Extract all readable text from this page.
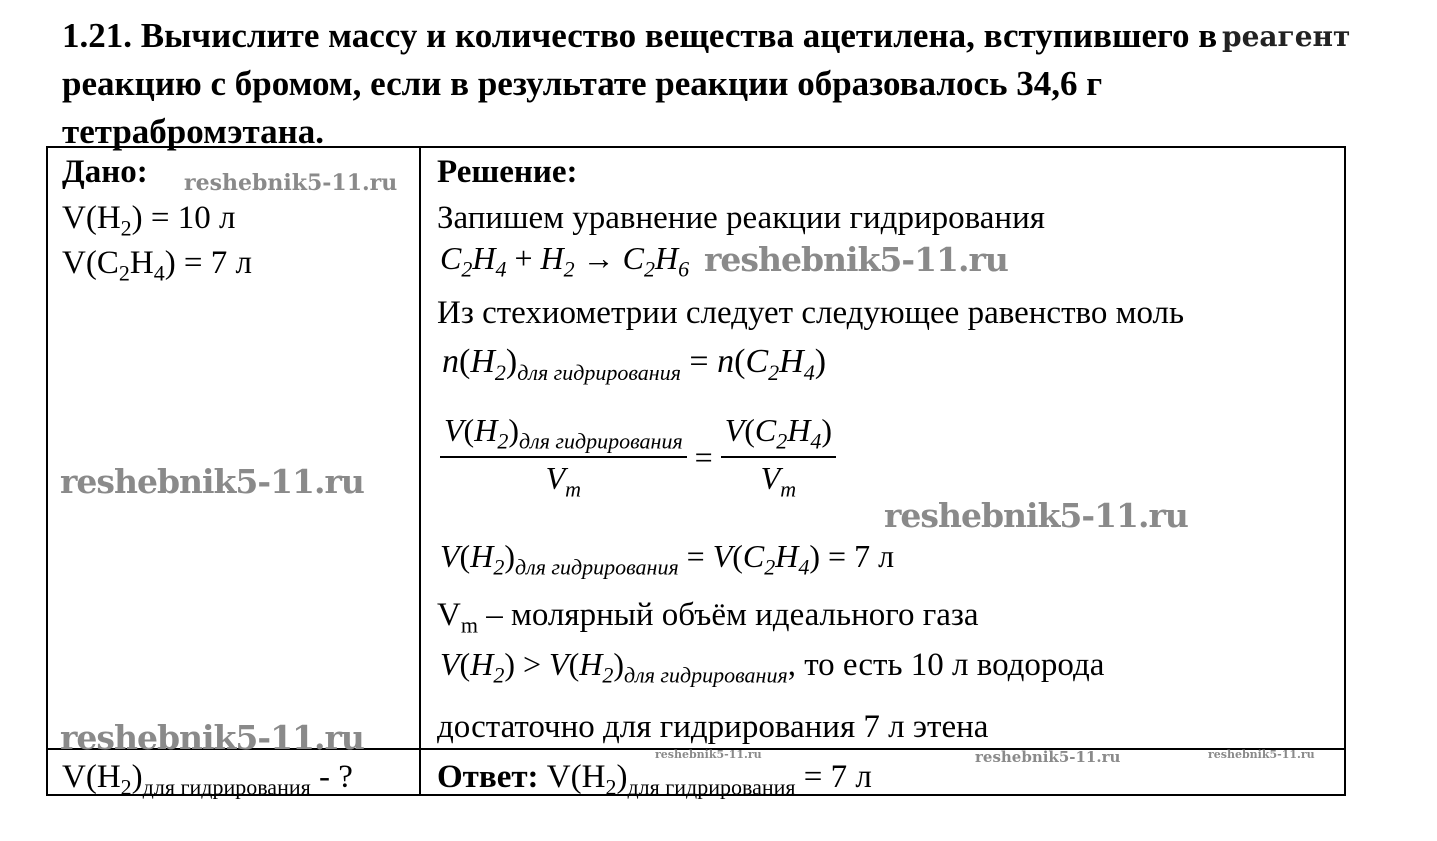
1.21. Вычислите массу и количество вещества ацетилена, вступившего в
реакцию с бромом, если в результате реакции образовалось 34,6 г
тетрабромэтана.
реагент
Дано: reshebnik5-11.ru
$V(H_2) = 10$ л
$V(C_2H_4) = 7$ л
reshebnik5-11.ru
reshebnik5-11.ru
$V(H_2)_{для гидрирования}$ - ?
Решение:
Запишем уравнение реакции гидрирования
$C_2H_4 + H_2 \to C_2H_6$ reshebnik5-11.ru
Из стехиометрии следует следующее равенство моль
$n(H_2)_{для гидрирования} = n(C_2H_4)$
$\frac{V(H_2)_{для гидрирования}}{V_m} = \frac{V(C_2H_4)}{V_m}$
reshebnik5-11.ru
$V(H_2)_{для гидрирования} = V(C_2H_4) = 7$ л
$V_m$ – молярный объём идеального газа
$V(H_2) > V(H_2)_{для гидрирования}$, то есть 10 л водорода
достаточно для гидрирования 7 л этена
reshebnik5-11.ru	reshebnik5-11.ru	reshebnik5-11.ru
Ответ: $V(H_2)_{для гидрирования} = 7$ л
